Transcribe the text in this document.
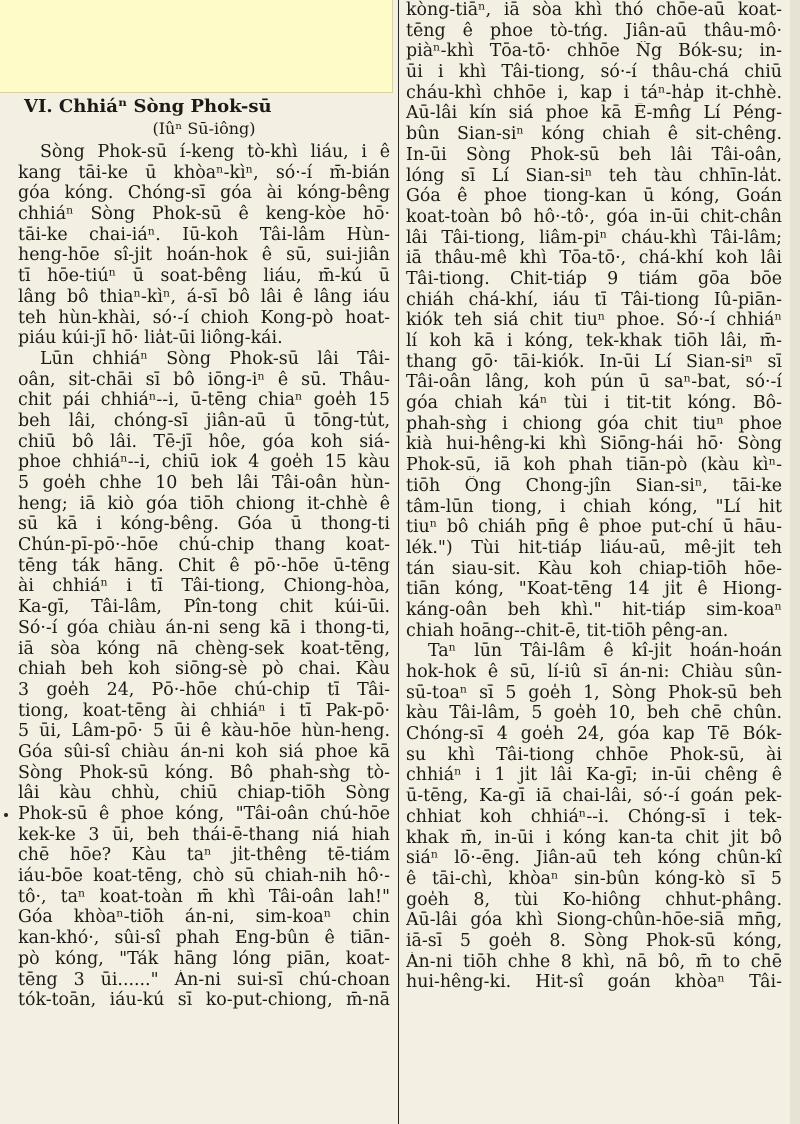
VI. Chhiáⁿ Sòng Phok-sū
(Iûⁿ Sū-iông)
Sòng Phok-sū í-keng tò-khì liáu, i ê
kang tāi-ke ū khòaⁿ-kìⁿ, só·-í m̄-bián
góa kóng. Chóng-sī góa ài kóng-bêng
chhiáⁿ Sòng Phok-sū ê keng-kòe hō·
tāi-ke chai-iáⁿ. Iū-koh Tâi-lâm Hùn-
heng-hōe sî-ji̍t hoán-hok ê sū, sui-jiân
tī hōe-tiúⁿ ū soat-bêng liáu, m̄-kú ū
lâng bô thiaⁿ-kìⁿ, á-sī bô lâi ê lâng iáu
teh hùn-khài, só·-í chioh Kong-pò hoat-
piáu kúi-jī hō· lia̍t-ūi liông-kái.
Lūn chhiáⁿ Sòng Phok-sū lâi Tâi-
oân, si̍t-chāi sī bô iōng-iⁿ ê sū. Thâu-
chit pái chhiáⁿ--i, ū-tēng chiaⁿ goe̍h 15
beh lâi, chóng-sī jiân-aū ū tōng-tu̍t,
chiū bô lâi. Tē-jī hôe, góa koh siá-
phoe chhiáⁿ--i, chiū iok 4 goe̍h 15 kàu
5 goe̍h chhe 10 beh lâi Tâi-oân hùn-
heng; iā kiò góa tiōh chiong it-chhè ê
sū kā i kóng-bêng. Góa ū thong-ti
Chún-pī-pō·-hōe chú-chip thang koat-
tēng ták hāng. Chit ê pō·-hōe ū-tēng
ài chhiáⁿ i tī Tâi-tiong, Chiong-hòa,
Ka-gī, Tâi-lâm, Pîn-tong chit kúi-ūi.
Só·-í góa chiàu án-ni seng kā i thong-ti,
iā sòa kóng nā chèng-sek koat-tēng,
chiah beh koh siōng-sè pò chai. Kàu
3 goe̍h 24, Pō·-hōe chú-chip tī Tâi-
tiong, koat-tēng ài chhiáⁿ i tī Pak-pō·
5 ūi, Lâm-pō· 5 ūi ê kàu-hōe hùn-heng.
Góa sûi-sî chiàu án-ni koh siá phoe kā
Sòng Phok-sū kóng. Bô phah-sǹg tò-
lâi kàu chhù, chiū chiap-tiōh Sòng
Phok-sū ê phoe kóng, "Tâi-oân chú-hōe
kek-ke 3 ūi, beh thái-ē-thang niá hiah
chē hōe? Kàu taⁿ ji̍t-thêng tē-tiám
iáu-bōe koat-tēng, chò sū chiah-nih hô·-
tô·, taⁿ koat-toàn m̄ khì Tâi-oân lah!"
Góa khòaⁿ-tiōh án-ni, sim-koaⁿ chin
kan-khó·, sûi-sî phah Eng-bûn ê tiān-
pò kóng, "Ták hāng lóng piān, koat-
tēng 3 ūi......" Án-ni sui-sī chú-choan
tók-toān, iáu-kú sī ko-put-chiong, m̄-nā
kòng-tiāⁿ, iā sòa khì thó chōe-aū koat-
tēng ê phoe tò-tńg. Jiân-aū thâu-mô·
piàⁿ-khì Tōa-tō· chhōe N̂g Bók-su; in-
ūi i khì Tâi-tiong, só·-í thâu-chá chiū
cháu-khì chhōe i, kap i táⁿ-ha̍p it-chhè.
Aū-lâi kín siá phoe kā Ē-mn̂g Lí Péng-
bûn Sian-siⁿ kóng chiah ê si̍t-chêng.
In-ūi Sòng Phok-sū beh lâi Tâi-oân,
lóng sī Lí Sian-siⁿ teh tàu chhīn-la̍t.
Góa ê phoe tiong-kan ū kóng, Goán
koat-toàn bô hô·-tô·, góa in-ūi chit-chân
lâi Tâi-tiong, liâm-piⁿ cháu-khì Tâi-lâm;
iā thâu-mê khì Tōa-tō·, chá-khí koh lâi
Tâi-tiong. Chit-tiáp 9 tiám gōa bōe
chiáh chá-khí, iáu tī Tâi-tiong Iû-piān-
kiók teh siá chit tiuⁿ phoe. Só·-í chhiáⁿ
lí koh kā i kóng, tek-khak tiōh lâi, m̄-
thang gō· tāi-kiók. In-ūi Lí Sian-siⁿ sī
Tâi-oân lâng, koh pún ū saⁿ-bat, só·-í
góa chiah káⁿ tùi i tit-tit kóng. Bô-
phah-sǹg i chiong góa chit tiuⁿ phoe
kià hui-hêng-ki khì Siōng-hái hō· Sòng
Phok-sū, iā koh phah tiān-pò (kàu kìⁿ-
tiōh Ông Chong-jîn Sian-siⁿ, tāi-ke
tâm-lūn tiong, i chiah kóng, "Lí hit
tiuⁿ bô chiáh pn̄g ê phoe put-chí ū hāu-
lék.") Tùi hit-tiáp liáu-aū, mê-ji̍t teh
tán siau-sit. Kàu koh chiap-tiōh hōe-
tiān kóng, "Koat-tēng 14 ji̍t ê Hiong-
káng-oân beh khì." hit-tiáp sim-koaⁿ
chiah hoāng--chit-ē, tit-tiōh pêng-an.
Taⁿ lūn Tâi-lâm ê kî-ji̍t hoán-hoán
hok-hok ê sū, lí-iû sī án-ni: Chiàu sûn-
sū-toaⁿ sī 5 goe̍h 1, Sòng Phok-sū beh
kàu Tâi-lâm, 5 goe̍h 10, beh chē chûn.
Chóng-sī 4 goe̍h 24, góa kap Tē Bók-
su khì Tâi-tiong chhōe Phok-sū, ài
chhiáⁿ i 1 ji̍t lâi Ka-gī; in-ūi chêng ê
ū-tēng, Ka-gī iā chai-lâi, só·-í goán pek-
chhiat koh chhiáⁿ--i. Chóng-sī i tek-
khak m̄, in-ūi i kóng kan-ta chit ji̍t bô
siáⁿ lō·-ēng. Jiân-aū teh kóng chûn-kî
ê tāi-chì, khòaⁿ sin-bûn kóng-kò sī 5
goe̍h 8, tùi Ko-hiông chhut-phâng.
Aū-lâi góa khì Siong-chûn-hōe-siā mn̄g,
iā-sī 5 goe̍h 8. Sòng Phok-sū kóng,
Án-ni tiōh chhe 8 khì, nā bô, m̄ to chē
hui-hêng-ki. Hit-sî goán khòaⁿ Tâi-
